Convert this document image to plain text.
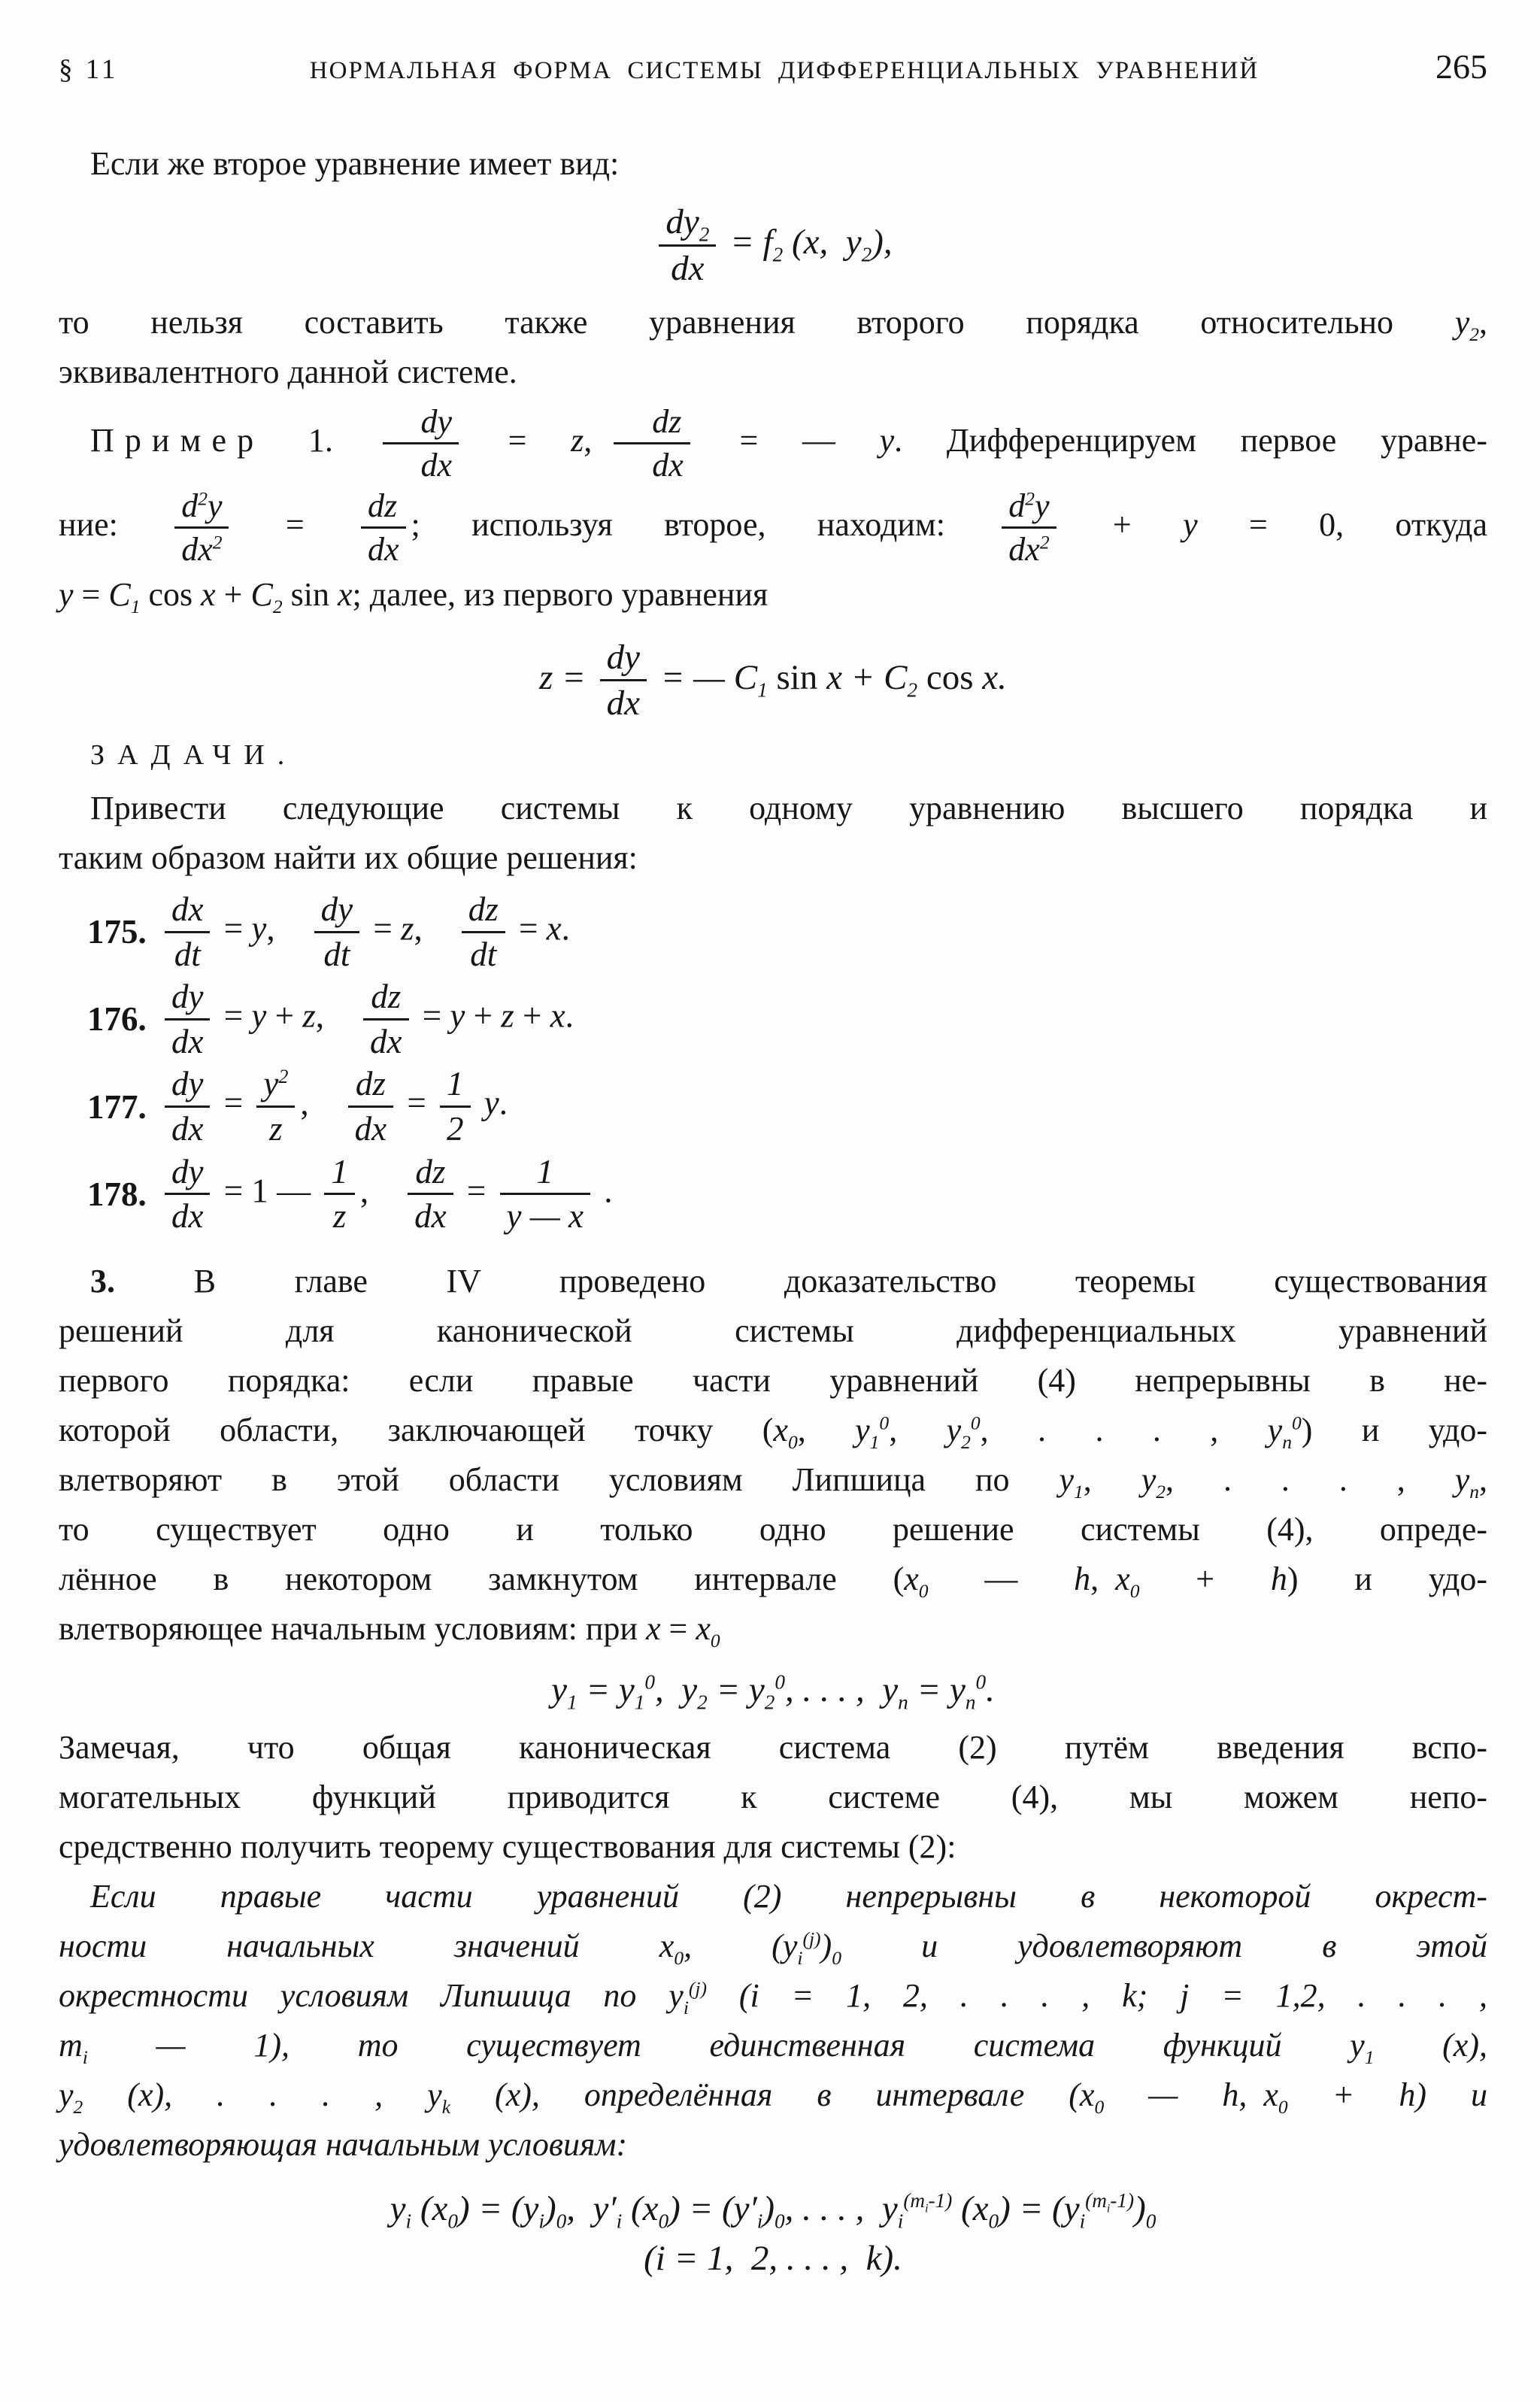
§ 11	НОРМАЛЬНАЯ ФОРМА СИСТЕМЫ ДИФФЕРЕНЦИАЛЬНЫХ УРАВНЕНИЙ	265
Если же второе уравнение имеет вид:
$\frac{dy_2}{dx} = f_2$ (x, $y_2$),
то нельзя составить также уравнения второго порядка относительно $y_2$,
эквивалентного данной системе.
Пример 1. $\frac{dy}{dx} = z$,  $\frac{dz}{dx}$ = — y. Дифференцируем первое уравне-
ние: $\frac{d^2y}{dx^2} = \frac{dz}{dx}$ ; используя второе, находим: $\frac{d^2y}{dx^2} + y = 0$, откуда
$y = C_1$ $\cos x + C_2$ sin x; далее, из первого уравнения
$z = \frac{dy}{dx}$ = — $C_1$ $\sin x + C_2$ cos x.
ЗАДАЧИ.
Привести следующие системы к одному уравнению высшего порядка и
таким образом найти их общие решения:
175. $\frac{dx}{dt} = y$,  $\frac{dy}{dt} = z$,  $\frac{dz}{dt} = x$.
176. $\frac{dy}{dx} = y + z$,  $\frac{dz}{dx} = y + z + x$.
177. $\frac{dy}{dx} = \frac{y^2}{z}$ ,  $\frac{dz}{dx} = \frac{1}{2} y$.
178. $\frac{dy}{dx} = 1$ — $\frac{1}{z}$ ,  $\frac{dz}{dx} = \frac{1}{y — x}$ .
3. В главе IV проведено доказательство теоремы существования
решений для канонической системы дифференциальных уравнений
первого порядка: если правые части уравнений (4) непрерывны в не-
которой области, заключающей точку ($x_0$, $y_1^0$, $y_2^0$, . . . , $y_n^0$) и удо-
влетворяют в этой области условиям Липшица по $y_1$, $y_2$, . . . , $y_n$,
то существует одно и только одно решение системы (4), опреде-
лённое в некотором замкнутом интервале ($x_0$ — h, $x_0 + h$) и удо-
влетворяющее начальным условиям: при $x = x_0$
$y_1 = y_1^0$, $y_2 = y_2^0$, . . . , $y_n = y_n^0$.
Замечая, что общая каноническая система (2) путём введения вспо-
могательных функций приводится к системе (4), мы можем непо-
средственно получить теорему существования для системы (2):
Если правые части уравнений (2) непрерывны в некоторой окрест-
ности начальных значений $x_0$, $(y_i^{(j)})_0$ и удовлетворяют в этой
окрестности условиям Липшица по $y_i^{(j)}$ (i = 1, 2, . . . , k; j = 1,2, . . . ,
$m_i$ — 1), то существует единственная система функций $y_1$ (x),
$y_2$ (x), . . . , $y_k$ (x), определённая в интервале ($x_0$ — h, $x_0 + h$) и
удовлетворяющая начальным условиям:
$y_i$ $(x_0) = (y_i)_0$, $y'_i$ $(x_0) = (y'_i)_0$, . . . , $y_i^{(m_i-1)}$ $(x_0) = (y_i^{(m_i-1)})_0$
(i = 1, 2, . . . , k).
